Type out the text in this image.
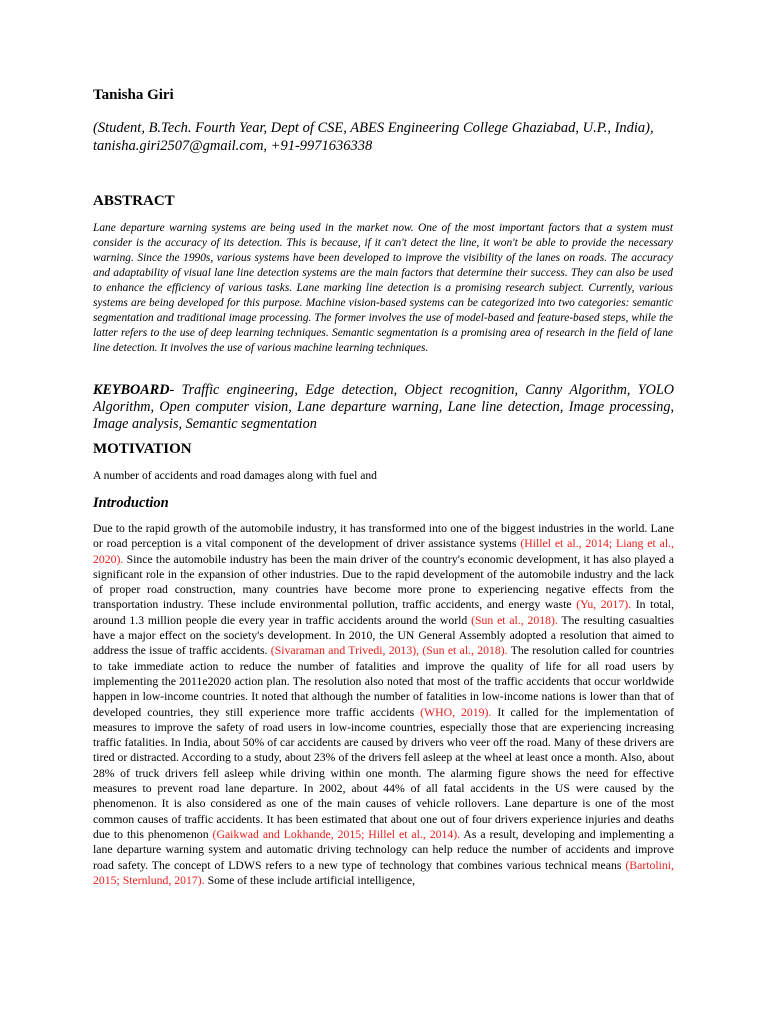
Tanisha Giri
(Student, B.Tech. Fourth Year, Dept of CSE, ABES Engineering College Ghaziabad, U.P., India), tanisha.giri2507@gmail.com, +91-9971636338
ABSTRACT
Lane departure warning systems are being used in the market now. One of the most important factors that a system must consider is the accuracy of its detection. This is because, if it can't detect the line, it won't be able to provide the necessary warning. Since the 1990s, various systems have been developed to improve the visibility of the lanes on roads. The accuracy and adaptability of visual lane line detection systems are the main factors that determine their success. They can also be used to enhance the efficiency of various tasks. Lane marking line detection is a promising research subject. Currently, various systems are being developed for this purpose. Machine vision-based systems can be categorized into two categories: semantic segmentation and traditional image processing. The former involves the use of model-based and feature-based steps, while the latter refers to the use of deep learning techniques. Semantic segmentation is a promising area of research in the field of lane line detection. It involves the use of various machine learning techniques.
KEYBOARD- Traffic engineering, Edge detection, Object recognition, Canny Algorithm, YOLO Algorithm, Open computer vision, Lane departure warning, Lane line detection, Image processing, Image analysis, Semantic segmentation
MOTIVATION
A number of accidents and road damages along with fuel and
Introduction
Due to the rapid growth of the automobile industry, it has transformed into one of the biggest industries in the world. Lane or road perception is a vital component of the development of driver assistance systems (Hillel et al., 2014; Liang et al., 2020). Since the automobile industry has been the main driver of the country's economic development, it has also played a significant role in the expansion of other industries. Due to the rapid development of the automobile industry and the lack of proper road construction, many countries have become more prone to experiencing negative effects from the transportation industry. These include environmental pollution, traffic accidents, and energy waste (Yu, 2017). In total, around 1.3 million people die every year in traffic accidents around the world (Sun et al., 2018). The resulting casualties have a major effect on the society's development. In 2010, the UN General Assembly adopted a resolution that aimed to address the issue of traffic accidents. (Sivaraman and Trivedi, 2013), (Sun et al., 2018). The resolution called for countries to take immediate action to reduce the number of fatalities and improve the quality of life for all road users by implementing the 2011e2020 action plan. The resolution also noted that most of the traffic accidents that occur worldwide happen in low-income countries. It noted that although the number of fatalities in low-income nations is lower than that of developed countries, they still experience more traffic accidents (WHO, 2019). It called for the implementation of measures to improve the safety of road users in low-income countries, especially those that are experiencing increasing traffic fatalities. In India, about 50% of car accidents are caused by drivers who veer off the road. Many of these drivers are tired or distracted. According to a study, about 23% of the drivers fell asleep at the wheel at least once a month. Also, about 28% of truck drivers fell asleep while driving within one month. The alarming figure shows the need for effective measures to prevent road lane departure. In 2002, about 44% of all fatal accidents in the US were caused by the phenomenon. It is also considered as one of the main causes of vehicle rollovers. Lane departure is one of the most common causes of traffic accidents. It has been estimated that about one out of four drivers experience injuries and deaths due to this phenomenon (Gaikwad and Lokhande, 2015; Hillel et al., 2014). As a result, developing and implementing a lane departure warning system and automatic driving technology can help reduce the number of accidents and improve road safety. The concept of LDWS refers to a new type of technology that combines various technical means (Bartolini, 2015; Sternlund, 2017). Some of these include artificial intelligence,
